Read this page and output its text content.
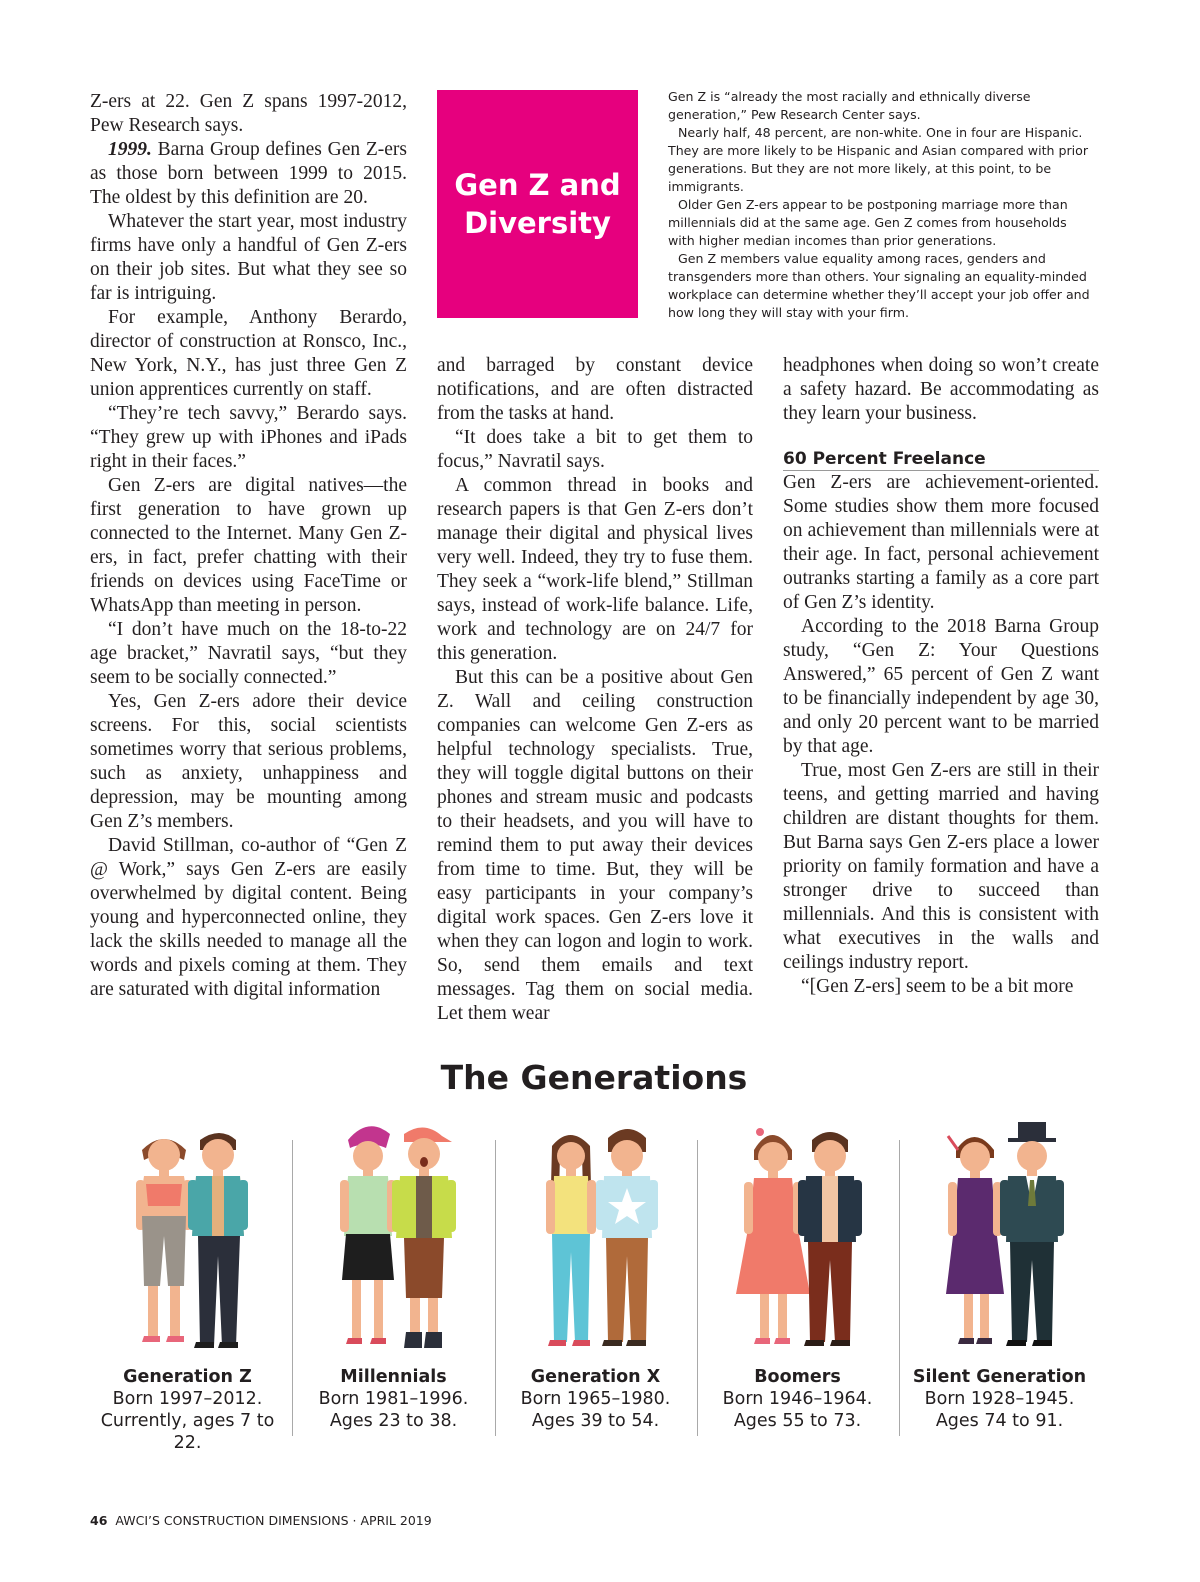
Z-ers at 22. Gen Z spans 1997-2012, Pew Research says.

1999. Barna Group defines Gen Z-ers as those born between 1999 to 2015. The oldest by this definition are 20.

Whatever the start year, most industry firms have only a handful of Gen Z-ers on their job sites. But what they see so far is intriguing.

For example, Anthony Berardo, director of construction at Ronsco, Inc., New York, N.Y., has just three Gen Z union apprentices currently on staff.

“They’re tech savvy,” Berardo says. “They grew up with iPhones and iPads right in their faces.”

Gen Z-ers are digital natives—the first generation to have grown up connected to the Internet. Many Gen Z-ers, in fact, prefer chatting with their friends on devices using FaceTime or WhatsApp than meeting in person.

“I don’t have much on the 18-to-22 age bracket,” Navratil says, “but they seem to be socially connected.”

Yes, Gen Z-ers adore their device screens. For this, social scientists sometimes worry that serious problems, such as anxiety, unhappiness and depression, may be mounting among Gen Z’s members.

David Stillman, co-author of “Gen Z @ Work,” says Gen Z-ers are easily overwhelmed by digital content. Being young and hyperconnected online, they lack the skills needed to manage all the words and pixels coming at them. They are saturated with digital information

Gen Z and Diversity

Gen Z is “already the most racially and ethnically diverse generation,” Pew Research Center says.

Nearly half, 48 percent, are non-white. One in four are Hispanic. They are more likely to be Hispanic and Asian compared with prior generations. But they are not more likely, at this point, to be immigrants.

Older Gen Z-ers appear to be postponing marriage more than millennials did at the same age. Gen Z comes from households with higher median incomes than prior generations.

Gen Z members value equality among races, genders and transgenders more than others. Your signaling an equality-minded workplace can determine whether they’ll accept your job offer and how long they will stay with your firm.

and barraged by constant device notifications, and are often distracted from the tasks at hand.

“It does take a bit to get them to focus,” Navratil says.

A common thread in books and research papers is that Gen Z-ers don’t manage their digital and physical lives very well. Indeed, they try to fuse them. They seek a “work-life blend,” Stillman says, instead of work-life balance. Life, work and technology are on 24/7 for this generation.

But this can be a positive about Gen Z. Wall and ceiling construction companies can welcome Gen Z-ers as helpful technology specialists. True, they will toggle digital buttons on their phones and stream music and podcasts to their headsets, and you will have to remind them to put away their devices from time to time. But, they will be easy participants in your company’s digital work spaces. Gen Z-ers love it when they can logon and login to work. So, send them emails and text messages. Tag them on social media. Let them wear

headphones when doing so won’t create a safety hazard. Be accommodating as they learn your business.

60 Percent Freelance

Gen Z-ers are achievement-oriented. Some studies show them more focused on achievement than millennials were at their age. In fact, personal achievement outranks starting a family as a core part of Gen Z’s identity.

According to the 2018 Barna Group study, “Gen Z: Your Questions Answered,” 65 percent of Gen Z want to be financially independent by age 30, and only 20 percent want to be married by that age.

True, most Gen Z-ers are still in their teens, and getting married and having children are distant thoughts for them. But Barna says Gen Z-ers place a lower priority on family formation and have a stronger drive to succeed than millennials. And this is consistent with what executives in the walls and ceilings industry report.

“[Gen Z-ers] seem to be a bit more

The Generations
Generation Z
Born 1997–2012.
Currently, ages 7 to 22.
Millennials
Born 1981–1996.
Ages 23 to 38.
Generation X
Born 1965–1980.
Ages 39 to 54.
Boomers
Born 1946–1964.
Ages 55 to 73.
Silent Generation
Born 1928–1945.
Ages 74 to 91.
46 AWCI’S CONSTRUCTION DIMENSIONS · APRIL 2019
